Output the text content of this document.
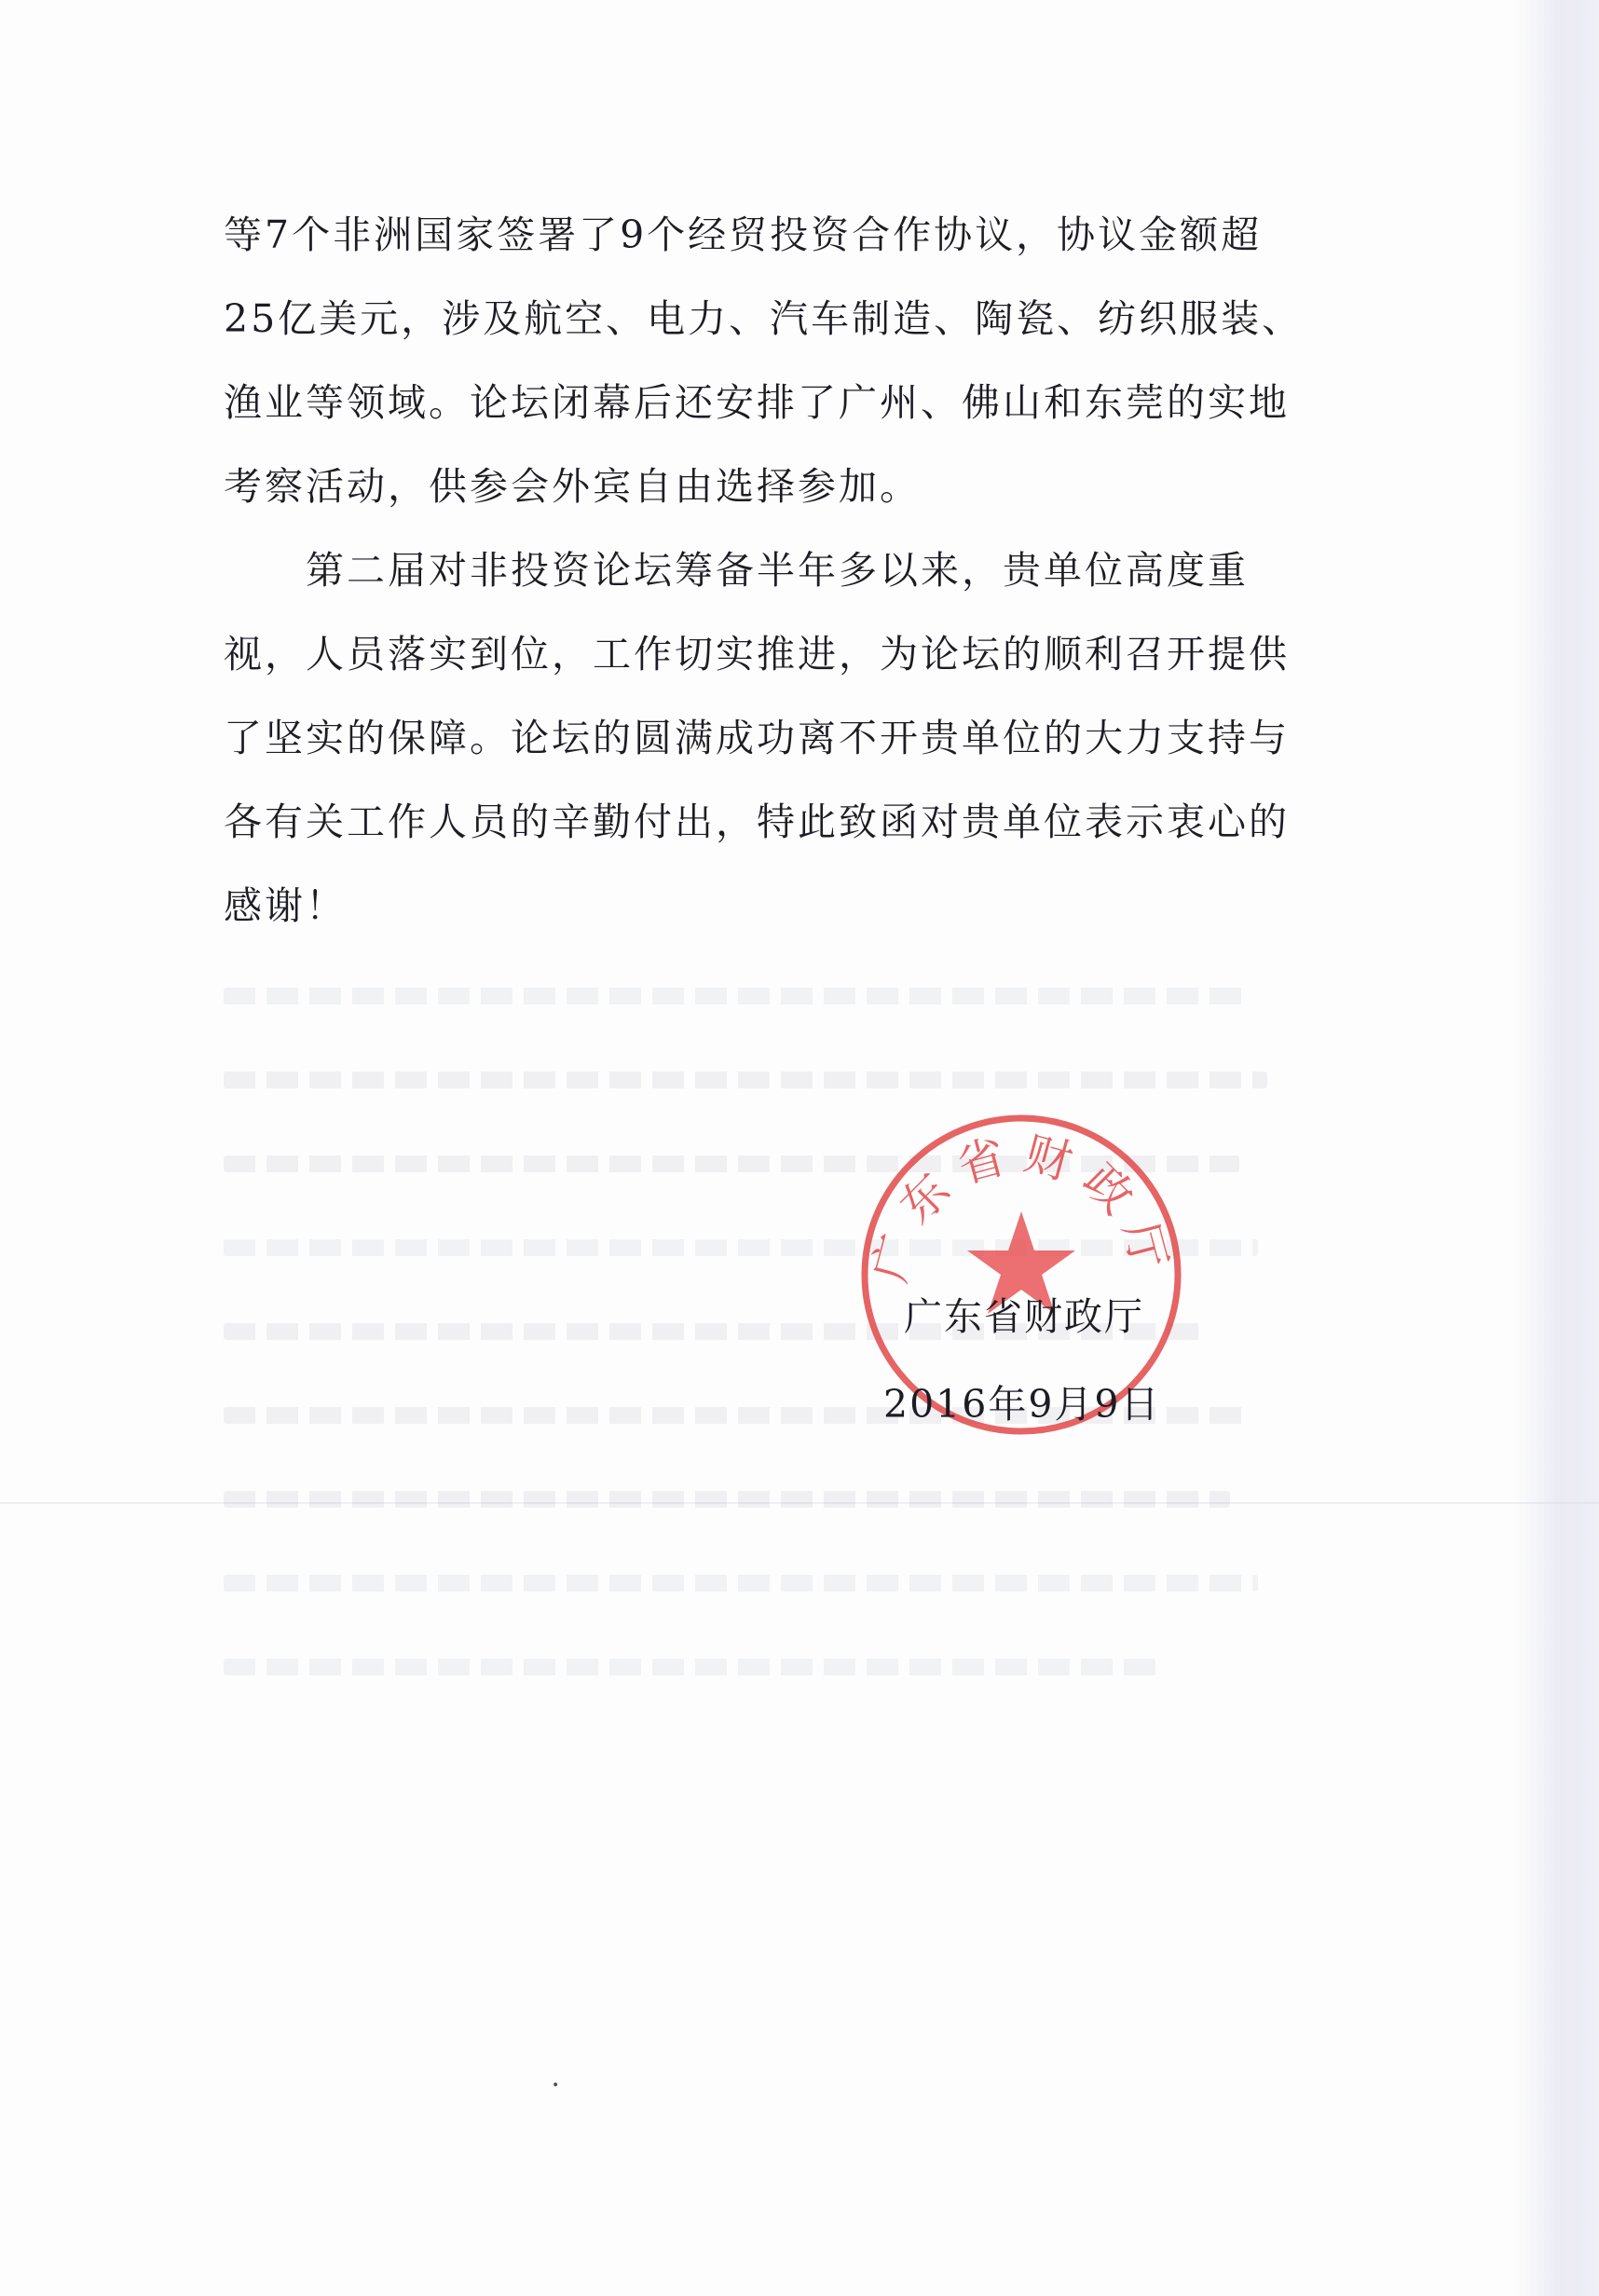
等7个非洲国家签署了9个经贸投资合作协议，协议金额超
25亿美元，涉及航空、电力、汽车制造、陶瓷、纺织服装、
渔业等领域。论坛闭幕后还安排了广州、佛山和东莞的实地
考察活动，供参会外宾自由选择参加。
第二届对非投资论坛筹备半年多以来，贵单位高度重
视，人员落实到位，工作切实推进，为论坛的顺利召开提供
了坚实的保障。论坛的圆满成功离不开贵单位的大力支持与
各有关工作人员的辛勤付出，特此致函对贵单位表示衷心的
感谢！
广东省财政厅
广东省财政厅
2016年9月9日
•
